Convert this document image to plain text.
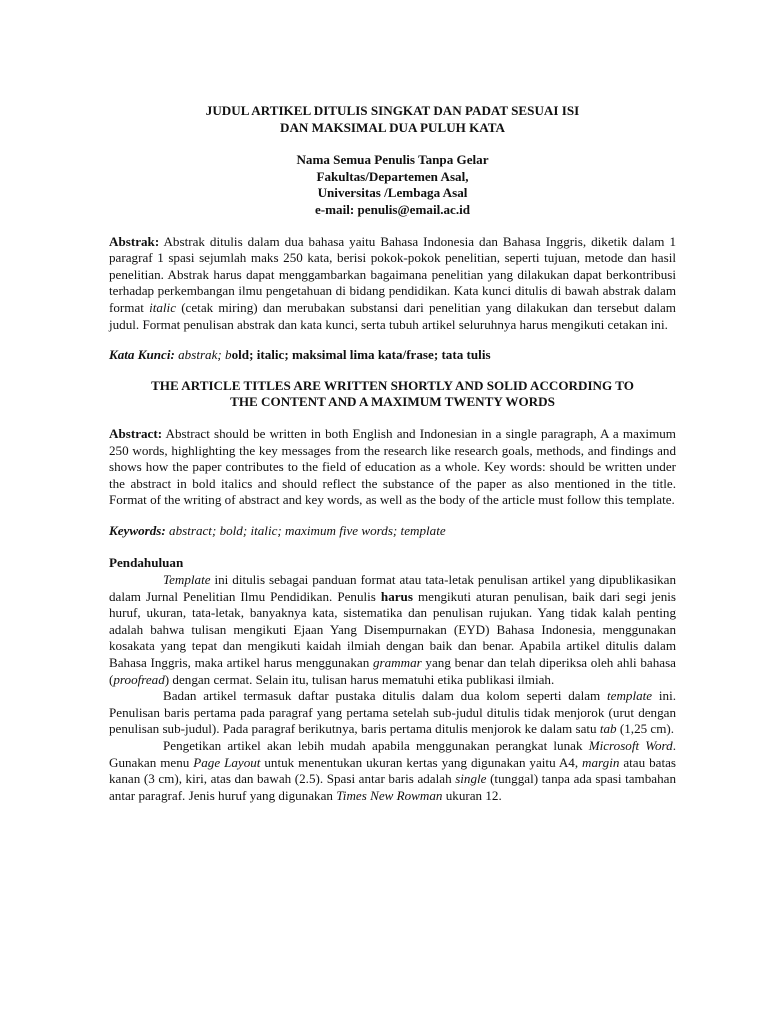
JUDUL ARTIKEL DITULIS SINGKAT DAN PADAT SESUAI ISI
DAN MAKSIMAL DUA PULUH KATA

Nama Semua Penulis Tanpa Gelar
Fakultas/Departemen Asal,
Universitas /Lembaga Asal
e-mail: penulis@email.ac.id

Abstrak: Abstrak ditulis dalam dua bahasa yaitu Bahasa Indonesia dan Bahasa Inggris, diketik dalam 1 paragraf 1 spasi sejumlah maks 250 kata, berisi pokok-pokok penelitian, seperti tujuan, metode dan hasil penelitian. Abstrak harus dapat menggambarkan bagaimana penelitian yang dilakukan dapat berkontribusi terhadap perkembangan ilmu pengetahuan di bidang pendidikan. Kata kunci ditulis di bawah abstrak dalam format italic (cetak miring) dan merubakan substansi dari penelitian yang dilakukan dan tersebut dalam judul. Format penulisan abstrak dan kata kunci, serta tubuh artikel seluruhnya harus mengikuti cetakan ini.

Kata Kunci: abstrak; bold; italic; maksimal lima kata/frase; tata tulis

THE ARTICLE TITLES ARE WRITTEN SHORTLY AND SOLID ACCORDING TO
THE CONTENT AND A MAXIMUM TWENTY WORDS

Abstract: Abstract should be written in both English and Indonesian in a single paragraph, A a maximum 250 words, highlighting the key messages from the research like research goals, methods, and findings and shows how the paper contributes to the field of education as a whole. Key words: should be written under the abstract in bold italics and should reflect the substance of the paper as also mentioned in the title. Format of the writing of abstract and key words, as well as the body of the article must follow this template.

Keywords: abstract; bold; italic; maximum five words; template

Pendahuluan

Template ini ditulis sebagai panduan format atau tata-letak penulisan artikel yang dipublikasikan dalam Jurnal Penelitian Ilmu Pendidikan. Penulis harus mengikuti aturan penulisan, baik dari segi jenis huruf, ukuran, tata-letak, banyaknya kata, sistematika dan penulisan rujukan. Yang tidak kalah penting adalah bahwa tulisan mengikuti Ejaan Yang Disempurnakan (EYD) Bahasa Indonesia, menggunakan kosakata yang tepat dan mengikuti kaidah ilmiah dengan baik dan benar. Apabila artikel ditulis dalam Bahasa Inggris, maka artikel harus menggunakan grammar yang benar dan telah diperiksa oleh ahli bahasa (proofread) dengan cermat. Selain itu, tulisan harus mematuhi etika publikasi ilmiah.

Badan artikel termasuk daftar pustaka ditulis dalam dua kolom seperti dalam template ini. Penulisan baris pertama pada paragraf yang pertama setelah sub-judul ditulis tidak menjorok (urut dengan penulisan sub-judul). Pada paragraf berikutnya, baris pertama ditulis menjorok ke dalam satu tab (1,25 cm).

Pengetikan artikel akan lebih mudah apabila menggunakan perangkat lunak Microsoft Word. Gunakan menu Page Layout untuk menentukan ukuran kertas yang digunakan yaitu A4, margin atau batas kanan (3 cm), kiri, atas dan bawah (2.5). Spasi antar baris adalah single (tunggal) tanpa ada spasi tambahan antar paragraf. Jenis huruf yang digunakan Times New Rowman ukuran 12.
